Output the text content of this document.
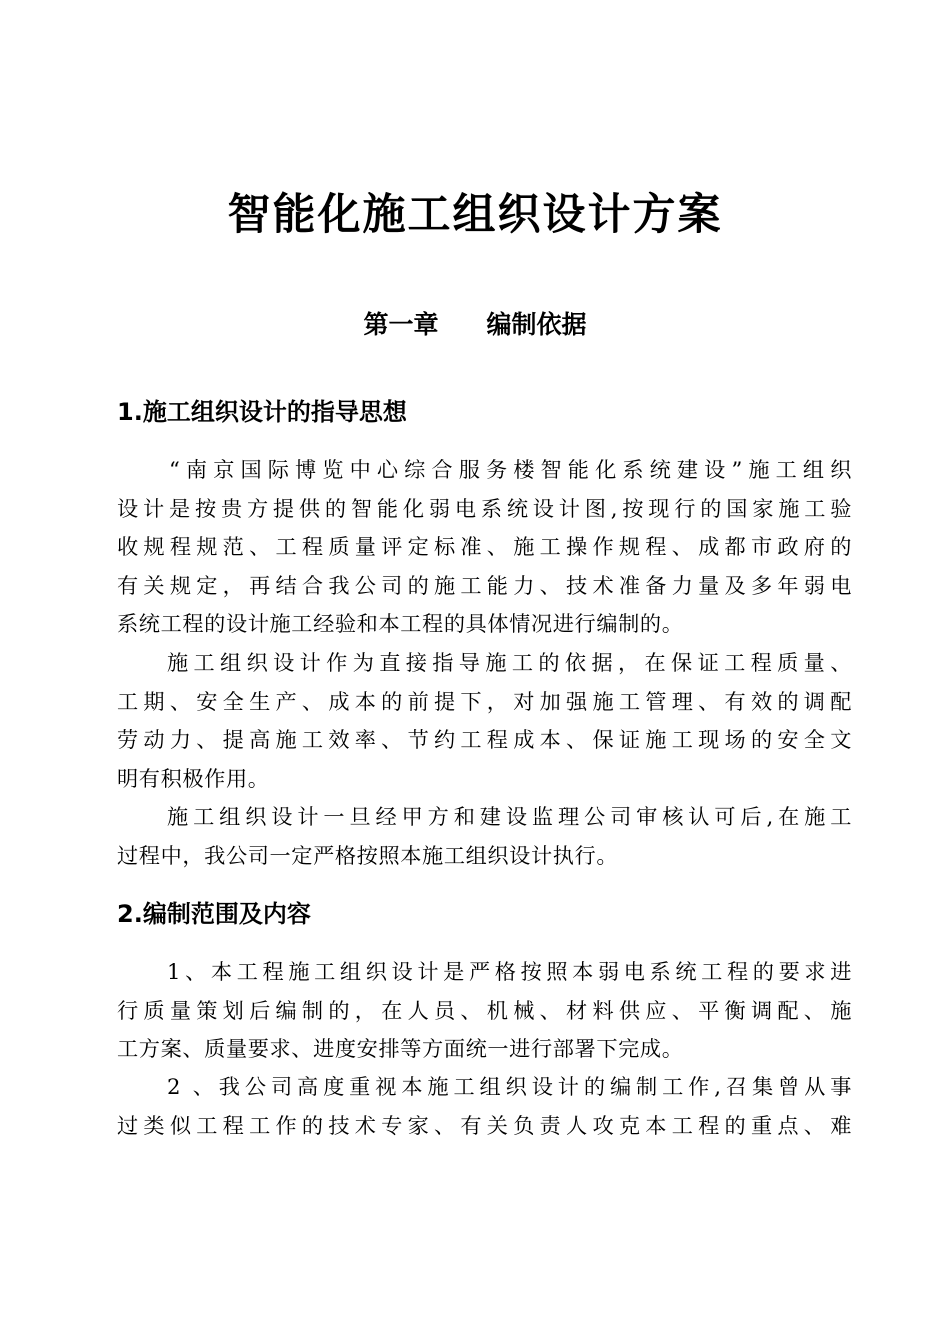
智能化施工组织设计方案
第一章 编制依据
1.施工组织设计的指导思想
“南京国际博览中心综合服务楼智能化系统建设”施工组织
设计是按贵方提供的智能化弱电系统设计图,按现行的国家施工验
收规程规范、工程质量评定标准、施工操作规程、成都市政府的
有关规定，再结合我公司的施工能力、技术准备力量及多年弱电
系统工程的设计施工经验和本工程的具体情况进行编制的。
施工组织设计作为直接指导施工的依据，在保证工程质量、
工期、安全生产、成本的前提下，对加强施工管理、有效的调配
劳动力、提高施工效率、节约工程成本、保证施工现场的安全文
明有积极作用。
施工组织设计一旦经甲方和建设监理公司审核认可后,在施工
过程中，我公司一定严格按照本施工组织设计执行。
2.编制范围及内容
1、本工程施工组织设计是严格按照本弱电系统工程的要求进
行质量策划后编制的，在人员、机械、材料供应、平衡调配、施
工方案、质量要求、进度安排等方面统一进行部署下完成。
2 、我公司高度重视本施工组织设计的编制工作,召集曾从事
过类似工程工作的技术专家、有关负责人攻克本工程的重点、难
